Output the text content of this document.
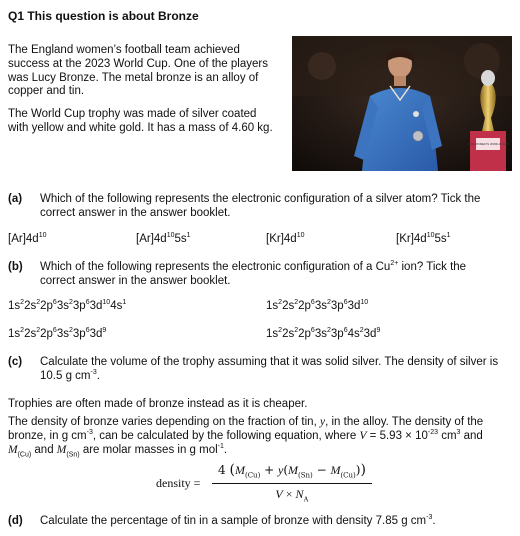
Q1 This question is about Bronze
The England women’s football team achieved success at the 2023 World Cup. One of the players was Lucy Bronze. The metal bronze is an alloy of copper and tin.
The World Cup trophy was made of silver coated with yellow and white gold. It has a mass of 4.60 kg.
FIFA WOMEN'S WORLD CUP
(a) Which of the following represents the electronic configuration of a silver atom? Tick the correct answer in the answer booklet.
$[Ar]4d^{10}$	$[Ar]4d^{10}5s^1$	$[Kr]4d^{10}$	$[Kr]4d^{10}5s^1$
(b) Which of the following represents the electronic configuration of a $Cu^{2+}$ ion? Tick the correct answer in the answer booklet.
$1s^22s^22p^63s^23p^63d^{10}4s^1$	$1s^22s^22p^63s^23p^63d^{10}$
$1s^22s^22p^63s^23p^63d^9$	$1s^22s^22p^63s^23p^64s^23d^9$
(c) Calculate the volume of the trophy assuming that it was solid silver. The density of silver is 10.5 g $cm^{-3}$.
Trophies are often made of bronze instead as it is cheaper.
The density of bronze varies depending on the fraction of tin, y, in the alloy. The density of the bronze, in g $cm^{-3}$, can be calculated by the following equation, where $V = 5.93 \times 10^{-23}$ $cm^3$ and $M_{(Cu)}$ and $M_{(Sn)}$ are molar masses in g mol$^{-1}$.
density =
4 $(M_{(Cu)} + y(M_{(Sn)} - M_{(Cu)}))$
$V \times N_A$
(d) Calculate the percentage of tin in a sample of bronze with density 7.85 g $cm^{-3}$.
